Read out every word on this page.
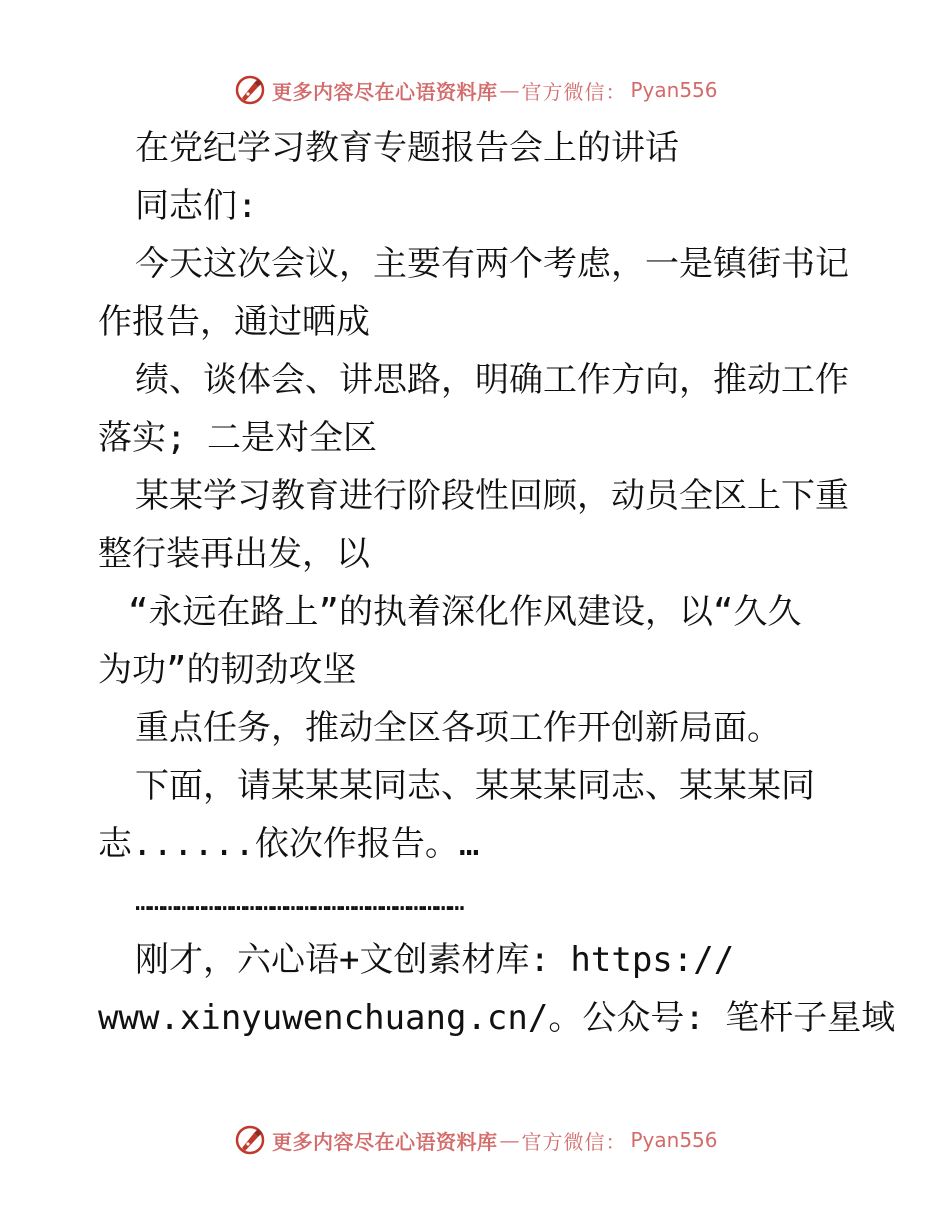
更多内容尽在心语资料库 — 官方微信： Pyan556
在党纪学习教育专题报告会上的讲话
同志们:
今天这次会议，主要有两个考虑，一是镇街书记
作报告，通过晒成
绩、谈体会、讲思路，明确工作方向，推动工作
落实; 二是对全区
某某学习教育进行阶段性回顾，动员全区上下重
整行装再出发，以
“永远在路上”的执着深化作风建设，以“久久
为功”的韧劲攻坚
重点任务，推动全区各项工作开创新局面。
下面，请某某某同志、某某某同志、某某某同
志......依次作报告。…
………………………………………………………………
刚才，六心语+文创素材库: https://
www.xinyuwenchuang.cn/。公众号: 笔杆子星域
更多内容尽在心语资料库 — 官方微信： Pyan556
